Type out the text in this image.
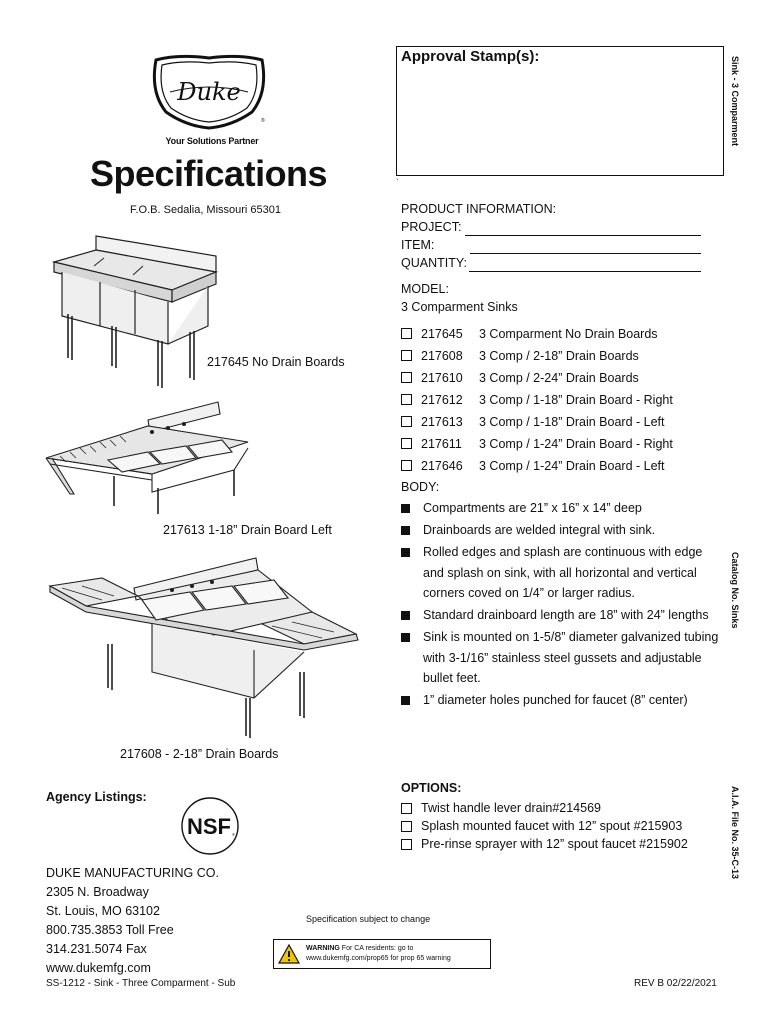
Duke
®
Your Solutions Partner
Specifications
F.O.B. Sedalia, Missouri 65301
Approval Stamp(s):
`
Sink - 3 Comparment
Catalog No. Sinks
A.I.A. File No. 35-C-13
PRODUCT INFORMATION:
PROJECT:
ITEM:
QUANTITY:
MODEL:
3 Comparment Sinks
217645	3 Comparment No Drain Boards
217608	3 Comp / 2-18” Drain Boards
217610	3 Comp / 2-24” Drain Boards
217612	3 Comp / 1-18” Drain Board - Right
217613	3 Comp / 1-18” Drain Board - Left
217611	3 Comp / 1-24” Drain Board - Right
217646	3 Comp / 1-24” Drain Board - Left
BODY:
Compartments are 21” x 16” x 14” deep
Drainboards are welded integral with sink.
Rolled edges and splash are continuous with edge and splash on sink, with all horizontal and vertical corners coved on 1/4” or larger radius.
Standard drainboard length are 18” with 24” lengths
Sink is mounted on 1-5/8” diameter galvanized tubing with 3-1/16” stainless steel gussets and adjustable bullet feet.
1” diameter holes punched for faucet (8” center)
OPTIONS:
Twist handle lever drain#214569
Splash mounted faucet with 12” spout #215903
Pre-rinse sprayer with 12” spout faucet #215902
217645 No Drain Boards
217613 1-18” Drain Board Left
217608 - 2-18” Drain Boards
Agency Listings:
NSF ®
DUKE MANUFACTURING CO.
2305 N. Broadway
St. Louis, MO 63102
800.735.3853 Toll Free
314.231.5074 Fax
www.dukemfg.com
Specification subject to change
WARNING For CA residents: go to
www.dukemfg.com/prop65 for prop 65 warning
SS-1212 - Sink - Three Comparment - Sub	REV B 02/22/2021
